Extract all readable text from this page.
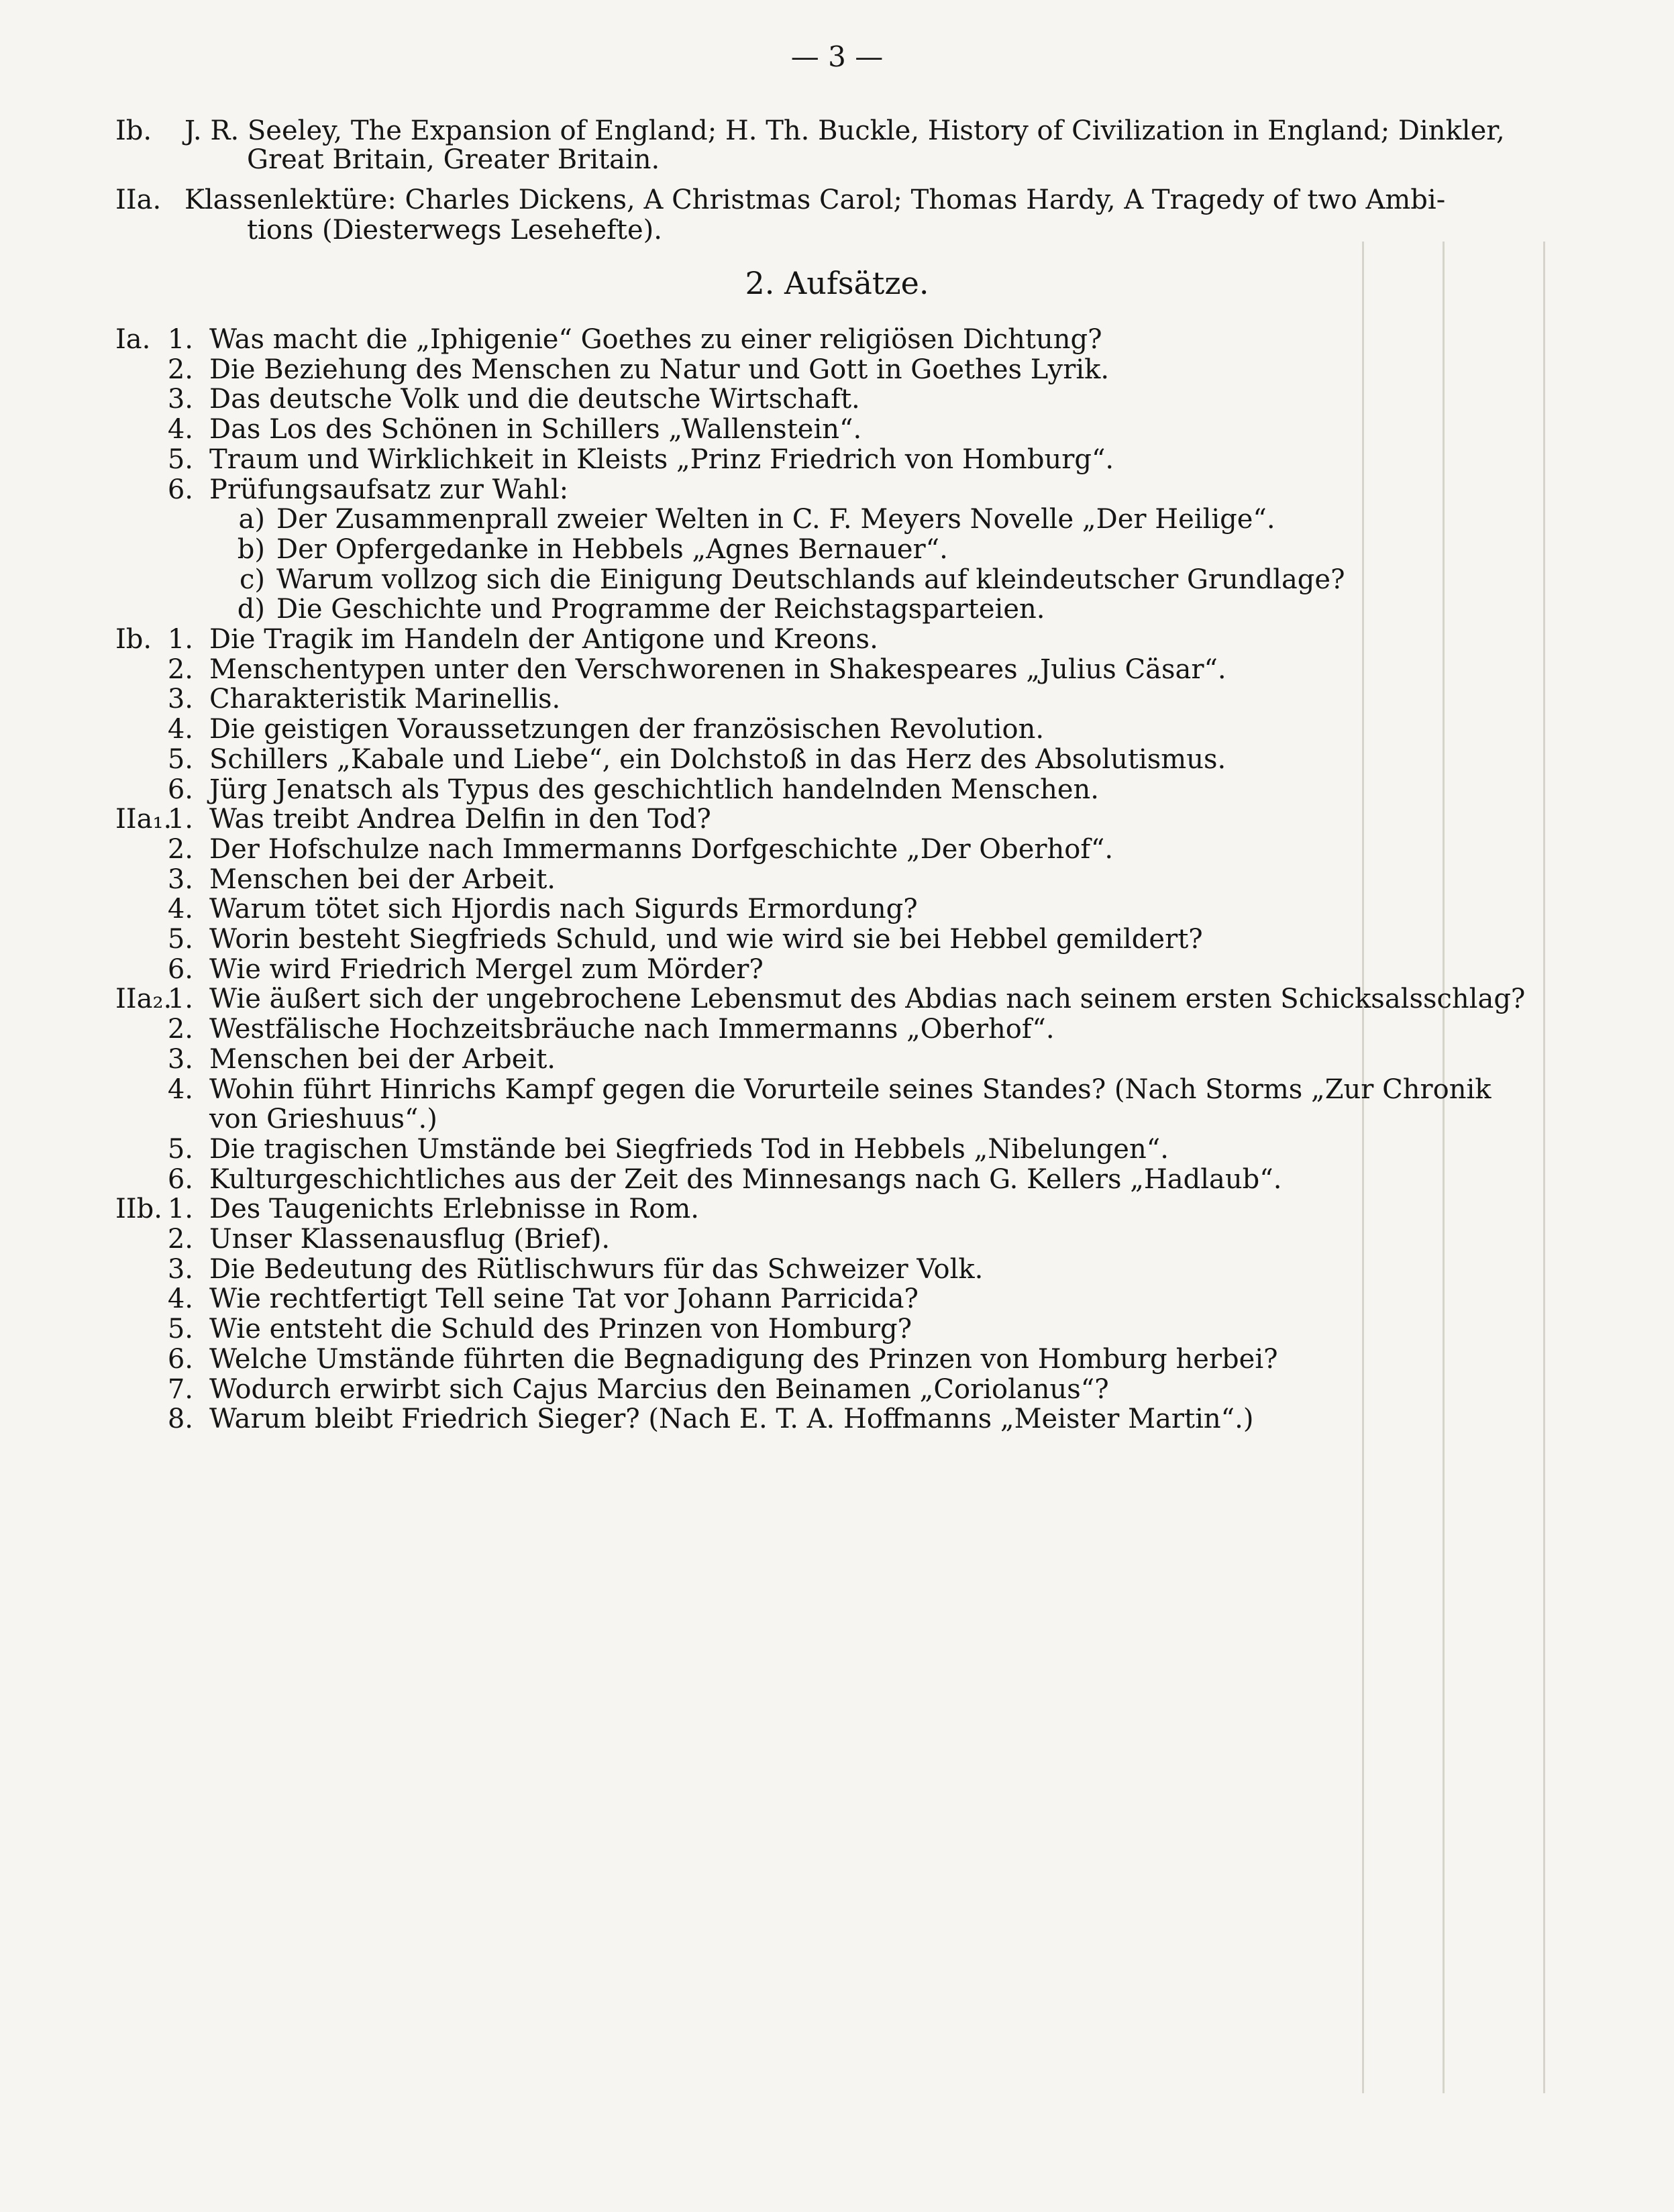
— 3 —
Ib. J. R. Seeley, The Expansion of England; H. Th. Buckle, History of Civilization in England; Dinkler,
Great Britain, Greater Britain.
IIa. Klassenlektüre: Charles Dickens, A Christmas Carol; Thomas Hardy, A Tragedy of two Ambi-
tions (Diesterwegs Lesehefte).
2. Aufsätze.
Ia. 1. Was macht die „Iphigenie“ Goethes zu einer religiösen Dichtung?
2. Die Beziehung des Menschen zu Natur und Gott in Goethes Lyrik.
3. Das deutsche Volk und die deutsche Wirtschaft.
4. Das Los des Schönen in Schillers „Wallenstein“.
5. Traum und Wirklichkeit in Kleists „Prinz Friedrich von Homburg“.
6. Prüfungsaufsatz zur Wahl:
a) Der Zusammenprall zweier Welten in C. F. Meyers Novelle „Der Heilige“.
b) Der Opfergedanke in Hebbels „Agnes Bernauer“.
c) Warum vollzog sich die Einigung Deutschlands auf kleindeutscher Grundlage?
d) Die Geschichte und Programme der Reichstagsparteien.
Ib. 1. Die Tragik im Handeln der Antigone und Kreons.
2. Menschentypen unter den Verschworenen in Shakespeares „Julius Cäsar“.
3. Charakteristik Marinellis.
4. Die geistigen Voraussetzungen der französischen Revolution.
5. Schillers „Kabale und Liebe“, ein Dolchstoß in das Herz des Absolutismus.
6. Jürg Jenatsch als Typus des geschichtlich handelnden Menschen.
IIa₁.
1. Was treibt Andrea Delfin in den Tod?
2. Der Hofschulze nach Immermanns Dorfgeschichte „Der Oberhof“.
3. Menschen bei der Arbeit.
4. Warum tötet sich Hjordis nach Sigurds Ermordung?
5. Worin besteht Siegfrieds Schuld, und wie wird sie bei Hebbel gemildert?
6. Wie wird Friedrich Mergel zum Mörder?
IIa₂.
1. Wie äußert sich der ungebrochene Lebensmut des Abdias nach seinem ersten Schicksalsschlag?
2. Westfälische Hochzeitsbräuche nach Immermanns „Oberhof“.
3. Menschen bei der Arbeit.
4. Wohin führt Hinrichs Kampf gegen die Vorurteile seines Standes? (Nach Storms „Zur Chronik
von Grieshuus“.)
5. Die tragischen Umstände bei Siegfrieds Tod in Hebbels „Nibelungen“.
6. Kulturgeschichtliches aus der Zeit des Minnesangs nach G. Kellers „Hadlaub“.
IIb. 1. Des Taugenichts Erlebnisse in Rom.
2. Unser Klassenausflug (Brief).
3. Die Bedeutung des Rütlischwurs für das Schweizer Volk.
4. Wie rechtfertigt Tell seine Tat vor Johann Parricida?
5. Wie entsteht die Schuld des Prinzen von Homburg?
6. Welche Umstände führten die Begnadigung des Prinzen von Homburg herbei?
7. Wodurch erwirbt sich Cajus Marcius den Beinamen „Coriolanus“?
8. Warum bleibt Friedrich Sieger? (Nach E. T. A. Hoffmanns „Meister Martin“.)
